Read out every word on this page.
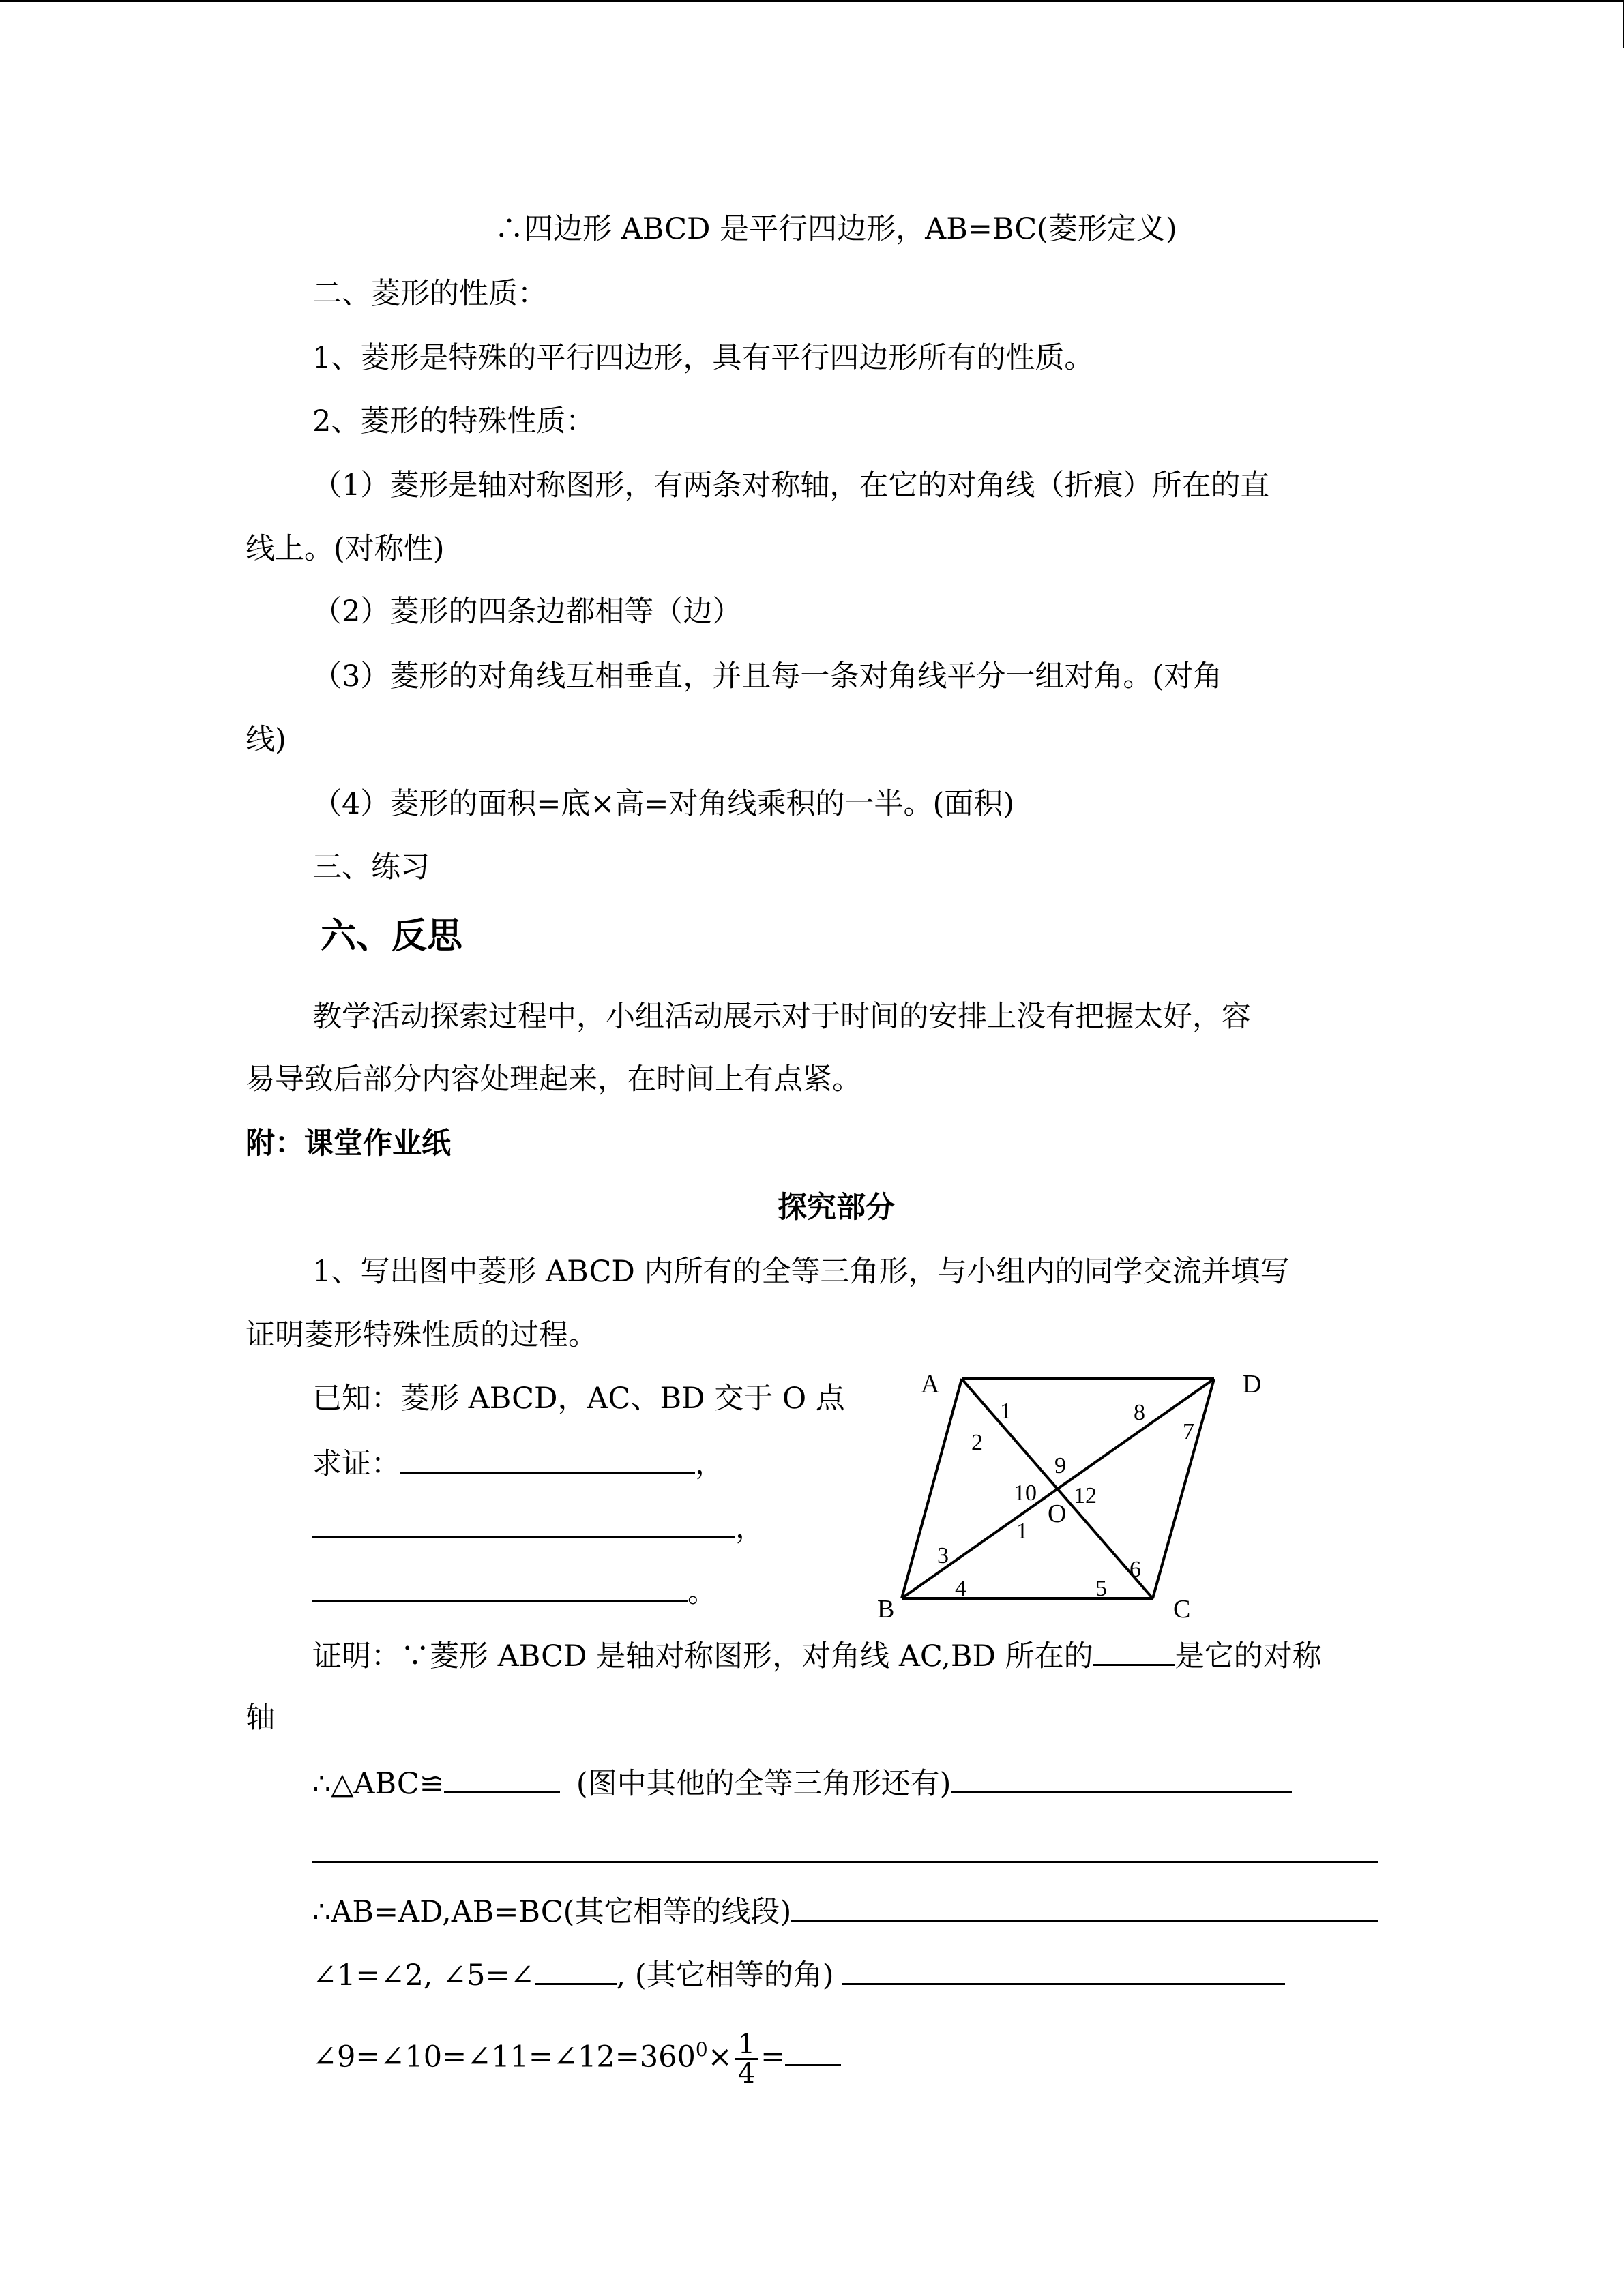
∴四边形 ABCD 是平行四边形，AB=BC(菱形定义)
二、菱形的性质：
1、菱形是特殊的平行四边形，具有平行四边形所有的性质。
2、菱形的特殊性质：
（1）菱形是轴对称图形，有两条对称轴，在它的对角线（折痕）所在的直
线上。(对称性)
（2）菱形的四条边都相等（边）
（3）菱形的对角线互相垂直，并且每一条对角线平分一组对角。(对角
线)
（4）菱形的面积=底×高=对角线乘积的一半。(面积)
三、练习
六、反思
教学活动探索过程中，小组活动展示对于时间的安排上没有把握太好，容
易导致后部分内容处理起来，在时间上有点紧。
附：课堂作业纸
探究部分
1、写出图中菱形 ABCD 内所有的全等三角形，与小组内的同学交流并填写
证明菱形特殊性质的过程。
已知：菱形 ABCD，AC、BD 交于 O 点
求证：	，
，
。
证明：∵菱形 ABCD 是轴对称图形，对角线 AC,BD 所在的	是它的对称
轴
∴△ABC≌	(图中其他的全等三角形还有)
∴AB=AD,AB=BC(其它相等的线段)
∠1=∠2, ∠5=∠	, (其它相等的角)
$\angle 9=\angle 10=\angle 11=\angle 12=360^0\times \frac{1}{4}$ =
A	D
B	C
O
1
2
3
4	5
6
7
8
9
10
1
12
